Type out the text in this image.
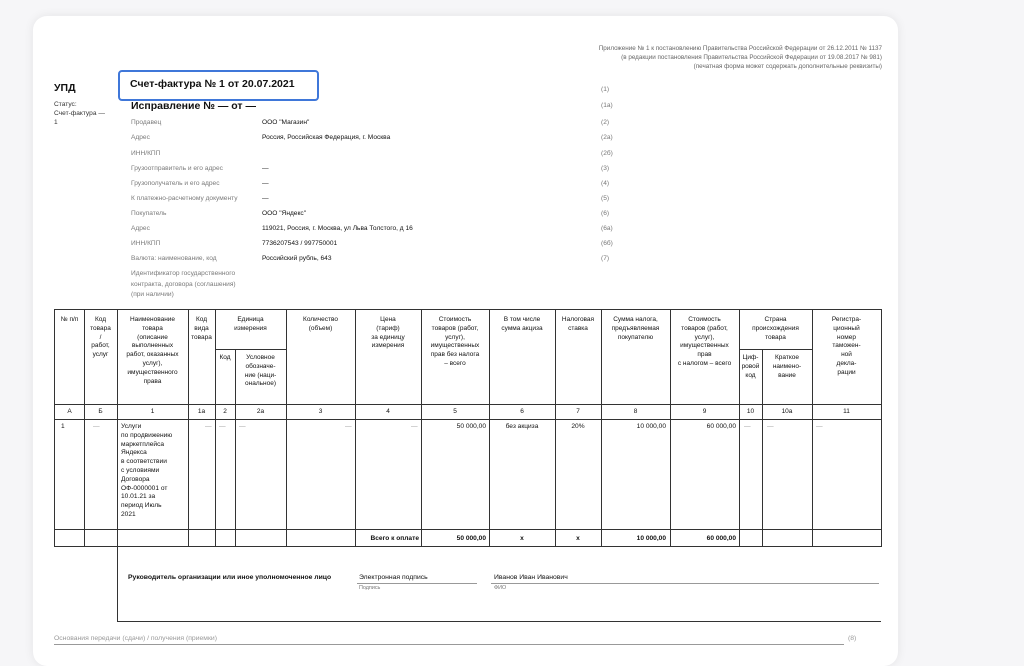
Приложение № 1 к постановлению Правительства Российской Федерации от 26.12.2011 № 1137
(в редакции постановления Правительства Российской Федерации от 19.08.2017 № 981)
(печатная форма может содержать дополнительные реквизиты)
УПД
Статус:
Счет-фактура —
1
Счет-фактура № 1 от 20.07.2021	(1)
Исправление № — от —	(1а)
Продавец	ООО "Магазин"	(2)
Адрес	Россия, Российская Федерация, г. Москва	(2а)
ИНН/КПП	(2б)
Грузоотправитель и его адрес	—	(3)
Грузополучатель и его адрес	—	(4)
К платежно-расчетному документу	—	(5)
Покупатель	ООО "Яндекс"	(6)
Адрес	119021, Россия, г. Москва, ул Льва Толстого, д 16	(6а)
ИНН/КПП	7736207543 / 997750001	(6б)
Валюта: наименование, код	Российский рубль, 643	(7)
Идентификатор государственного
контракта, договора (соглашения)
(при наличии)
№ п/п	Код
товара
/
работ,
услуг
Наименование
товара
(описание
выполненных
работ, оказанных
услуг),
имущественного
права
Код
вида
товара
Единица
измерения
Код	Условное
обозначе-
ние (наци-
ональное)
Количество
(объем)
Цена
(тариф)
за единицу
измерения
Стоимость
товаров (работ,
услуг),
имущественных
прав без налога
– всего
В том числе
сумма акциза
Налоговая
ставка
Сумма налога,
предъявляемая
покупателю
Стоимость
товаров (работ,
услуг),
имущественных
прав
с налогом – всего
Страна
происхождения
товара
Циф-
ровой
код
Краткое
наимено-
вание
Регистра-
ционный
номер
таможен-
ной
декла-
рации
А	Б	1	1а	2	2а	3	4	5	6	7	8	9	10	10а	11
1	—	Услуги
по продвижению
маркетплейса
Яндекса
в соответствии
с условиями
Договора
ОФ-0000001 от
10.01.21 за
период Июль
2021
— — —	—	—	50 000,00	без акциза	20%	10 000,00	60 000,00 — —	—
Всего к оплате	50 000,00	x	x	10 000,00	60 000,00
Руководитель организации или иное уполномоченное лицо	Электронная подпись
Подпись
Иванов Иван Иванович
ФИО
Основания передачи (сдачи) / получения (приемки)	(8)
